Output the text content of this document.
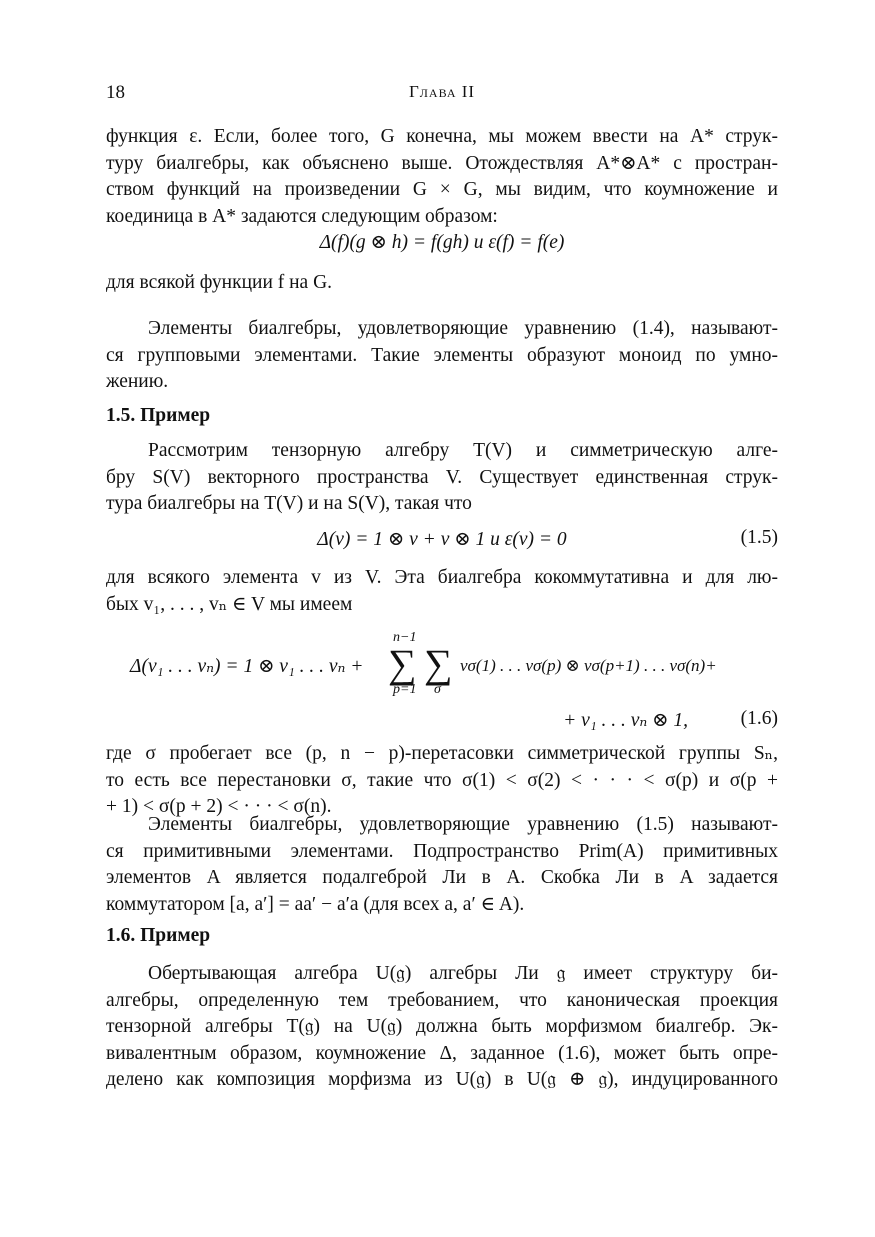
18	Глава II
функция ε. Если, более того, G конечна, мы можем ввести на A* струк-
туру биалгебры, как объяснено выше. Отождествляя A*⊗A* с простран-
ством функций на произведении G × G, мы видим, что коумножение и
коединица в A* задаются следующим образом:
Δ(f)(g ⊗ h) = f(gh) и ε(f) = f(e)
для всякой функции f на G.
Элементы биалгебры, удовлетворяющие уравнению (1.4), называют-
ся групповыми элементами. Такие элементы образуют моноид по умно-
жению.
1.5. Пример
Рассмотрим тензорную алгебру T(V) и симметрическую алге-
бру S(V) векторного пространства V. Существует единственная струк-
тура биалгебры на T(V) и на S(V), такая что
Δ(v) = 1 ⊗ v + v ⊗ 1 и ε(v) = 0	(1.5)
для всякого элемента v из V. Эта биалгебра кокоммутативна и для лю-
бых v₁, . . . , vₙ ∈ V мы имеем
Δ(v₁ . . . vₙ) = 1 ⊗ v₁ . . . vₙ +
n−1
∑ ∑
p=1 σ
vσ(1) . . . vσ(p) ⊗ vσ(p+1) . . . vσ(n)+
+ v₁ . . . vₙ ⊗ 1,	(1.6)
где σ пробегает все (p, n − p)-перетасовки симметрической группы Sₙ,
то есть все перестановки σ, такие что σ(1) < σ(2) < · · · < σ(p) и σ(p +
+ 1) < σ(p + 2) < · · · < σ(n).
Элементы биалгебры, удовлетворяющие уравнению (1.5) называют-
ся примитивными элементами. Подпространство Prim(A) примитивных
элементов A является подалгеброй Ли в A. Скобка Ли в A задается
коммутатором [a, a′] = aa′ − a′a (для всех a, a′ ∈ A).
1.6. Пример
Обертывающая алгебра U(𝔤) алгебры Ли 𝔤 имеет структуру би-
алгебры, определенную тем требованием, что каноническая проекция
тензорной алгебры T(𝔤) на U(𝔤) должна быть морфизмом биалгебр. Эк-
вивалентным образом, коумножение Δ, заданное (1.6), может быть опре-
делено как композиция морфизма из U(𝔤) в U(𝔤 ⊕ 𝔤), индуцированного
